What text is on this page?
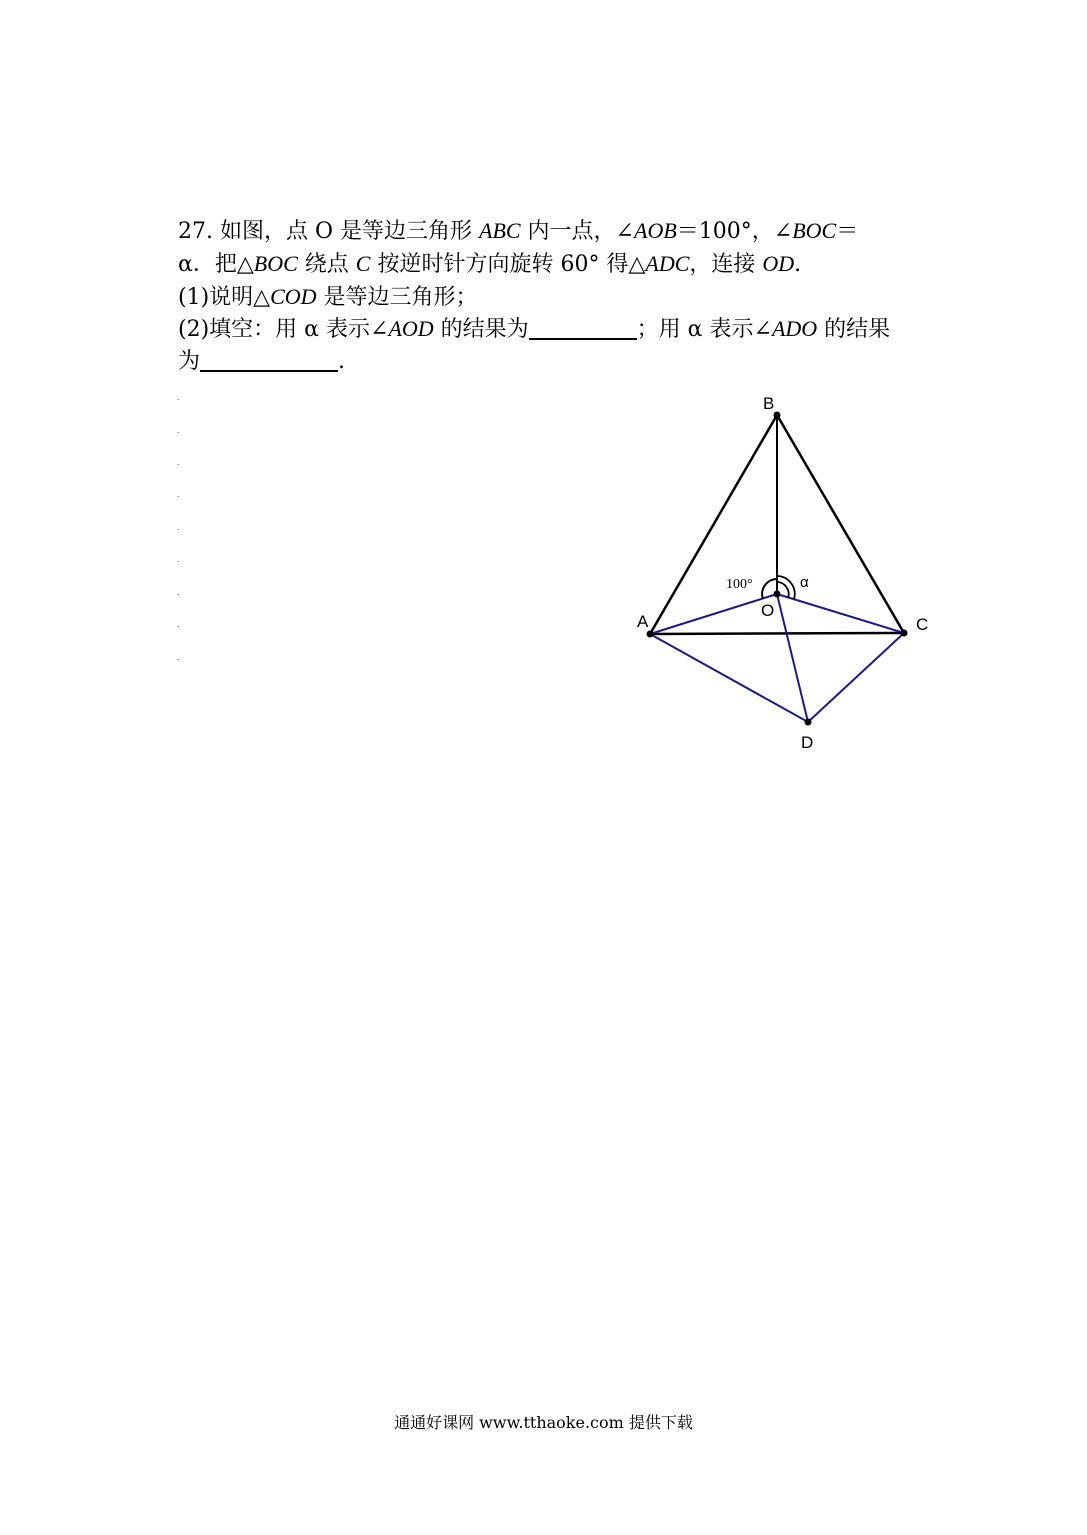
27. 如图，点 O 是等边三角形 ABC 内一点，∠AOB＝100°，∠BOC＝
α．把△BOC 绕点 C 按逆时针方向旋转 60° 得△ADC，连接 OD.
(1)说明△COD 是等边三角形；
(2)填空：用 α 表示∠AOD 的结果为	；用 α 表示∠ADO 的结果
为	.
.
.
.
.
.
.
.
.
.
B
A	C
D
O
100°	α
通通好课网 www.tthaoke.com 提供下载
